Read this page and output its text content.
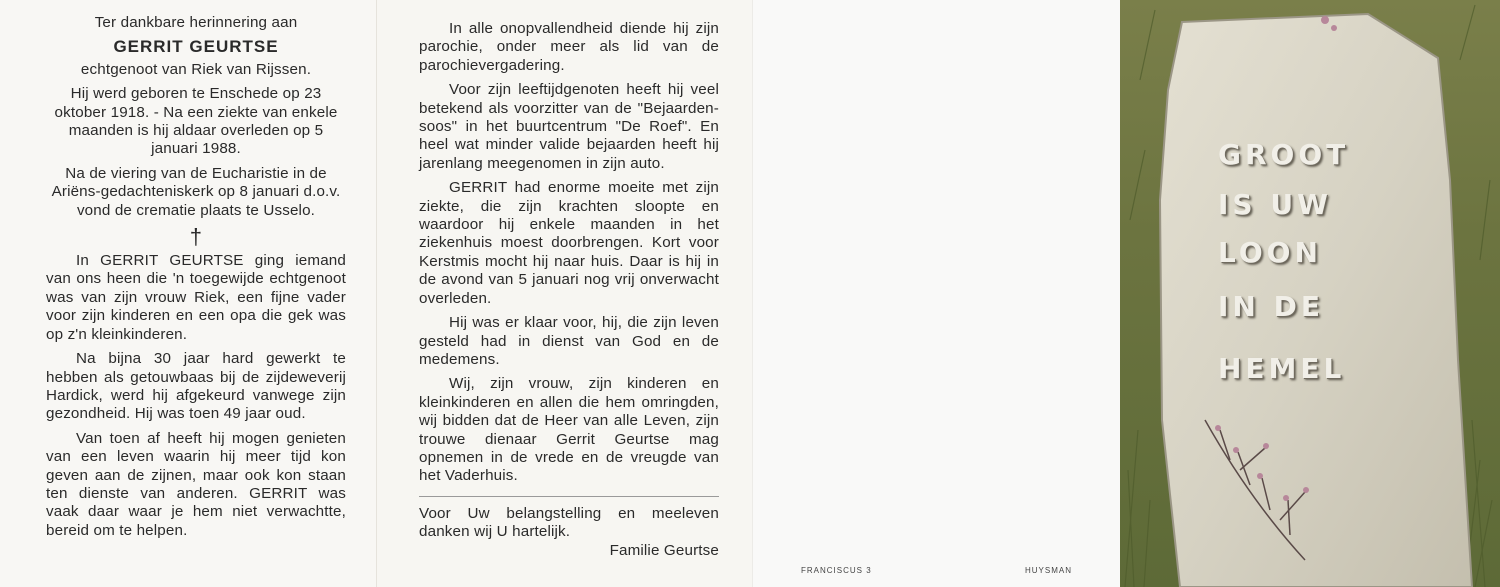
Ter dankbare herinnering aan
GERRIT GEURTSE
echtgenoot van Riek van Rijssen.
Hij werd geboren te Enschede op 23 oktober 1918. - Na een ziekte van enkele maanden is hij aldaar overleden op 5 januari 1988.
Na de viering van de Eucharistie in de Ariëns-gedachteniskerk op 8 januari d.o.v. vond de crematie plaats te Usselo.
†
In GERRIT GEURTSE ging iemand van ons heen die 'n toegewijde echtgenoot was van zijn vrouw Riek, een fijne vader voor zijn kinderen en een opa die gek was op z'n kleinkinderen.
Na bijna 30 jaar hard gewerkt te hebben als getouwbaas bij de zijdeweverij Hardick, werd hij afgekeurd vanwege zijn gezondheid. Hij was toen 49 jaar oud.
Van toen af heeft hij mogen genieten van een leven waarin hij meer tijd kon geven aan de zijnen, maar ook kon staan ten dienste van anderen. GERRIT was vaak daar waar je hem niet verwachtte, bereid om te helpen.
In alle onopvallendheid diende hij zijn parochie, onder meer als lid van de parochievergadering.
Voor zijn leeftijdgenoten heeft hij veel betekend als voorzitter van de "Bejaarden-soos" in het buurtcentrum "De Roef". En heel wat minder valide bejaarden heeft hij jarenlang meegenomen in zijn auto.
GERRIT had enorme moeite met zijn ziekte, die zijn krachten sloopte en waardoor hij enkele maanden in het ziekenhuis moest doorbrengen. Kort voor Kerstmis mocht hij naar huis. Daar is hij in de avond van 5 januari nog vrij onverwacht overleden.
Hij was er klaar voor, hij, die zijn leven gesteld had in dienst van God en de medemens.
Wij, zijn vrouw, zijn kinderen en kleinkinderen en allen die hem omringden, wij bidden dat de Heer van alle Leven, zijn trouwe dienaar Gerrit Geurtse mag opnemen in de vrede en de vreugde van het Vaderhuis.
Voor Uw belangstelling en meeleven danken wij U hartelijk.
Familie Geurtse
FRANCISCUS 3	HUYSMAN
GROOT
IS UW
LOON
IN DE
HEMEL
